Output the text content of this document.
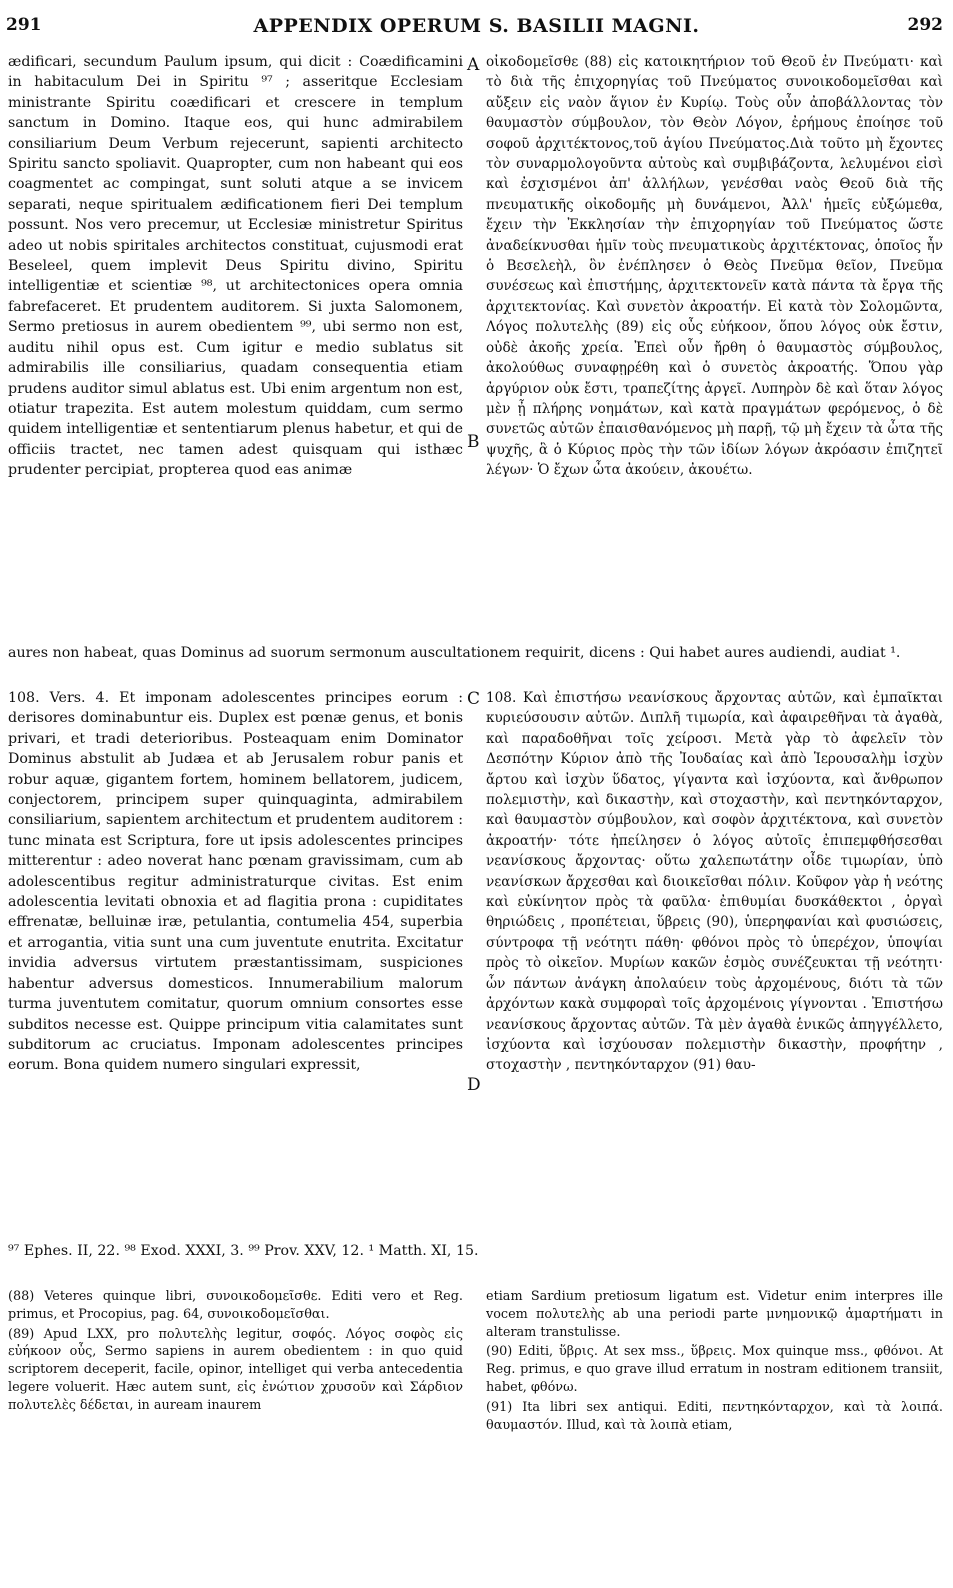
291	APPENDIX OPERUM S. BASILII MAGNI.	292

ædificari, secundum Paulum ipsum, qui dicit : Coædificamini in habitaculum Dei in Spiritu ⁹⁷ ; asseritque Ecclesiam ministrante Spiritu coædificari et crescere in templum sanctum in Domino. Itaque eos, qui hunc admirabilem consiliarium Deum Verbum rejecerunt, sapienti architecto Spiritu sancto spoliavit. Quapropter, cum non habeant qui eos coagmentet ac compingat, sunt soluti atque a se invicem separati, neque spiritualem ædificationem fieri Dei templum possunt. Nos vero precemur, ut Ecclesiæ ministretur Spiritus adeo ut nobis spiritales architectos constituat, cujusmodi erat Beseleel, quem implevit Deus Spiritu divino, Spiritu intelligentiæ et scientiæ ⁹⁸, ut architectonices opera omnia fabrefaceret. Et prudentem auditorem. Si juxta Salomonem, Sermo pretiosus in aurem obedientem ⁹⁹, ubi sermo non est, auditu nihil opus est. Cum igitur e medio sublatus sit admirabilis ille consiliarius, quadam consequentia etiam prudens auditor simul ablatus est. Ubi enim argentum non est, otiatur trapezita. Est autem molestum quiddam, cum sermo quidem intelligentiæ et sententiarum plenus habetur, et qui de officiis tractet, nec tamen adest quisquam qui isthæc prudenter percipiat, propterea quod eas animæ

οἰκοδομεῖσθε (88) εἰς κατοικητήριον τοῦ Θεοῦ ἐν Πνεύματι· καὶ τὸ διὰ τῆς ἐπιχορηγίας τοῦ Πνεύματος συνοικοδομεῖσθαι καὶ αὔξειν εἰς ναὸν ἅγιον ἐν Κυρίῳ. Τοὺς οὖν ἀποβάλλοντας τὸν θαυμαστὸν σύμβουλον, τὸν Θεὸν Λόγον, ἐρήμους ἐποίησε τοῦ σοφοῦ ἀρχιτέκτονος,τοῦ ἁγίου Πνεύματος.Διὰ τοῦτο μὴ ἔχοντες τὸν συναρμολογοῦντα αὐτοὺς καὶ συμβιβάζοντα, λελυμένοι εἰσὶ καὶ ἐσχισμένοι ἀπ' ἀλλήλων, γενέσθαι ναὸς Θεοῦ διὰ τῆς πνευματικῆς οἰκοδομῆς μὴ δυνάμενοι, Ἀλλ' ἡμεῖς εὐξώμεθα, ἔχειν τὴν Ἐκκλησίαν τὴν ἐπιχορηγίαν τοῦ Πνεύματος ὥστε ἀναδείκνυσθαι ἡμῖν τοὺς πνευματικοὺς ἀρχιτέκτονας, ὁποῖος ἦν ὁ Βεσελεὴλ, ὃν ἐνέπλησεν ὁ Θεὸς Πνεῦμα θεῖον, Πνεῦμα συνέσεως καὶ ἐπιστήμης, ἀρχιτεκτονεῖν κατὰ πάντα τὰ ἔργα τῆς ἀρχιτεκτονίας. Καὶ συνετὸν ἀκροατήν. Εἰ κατὰ τὸν Σολομῶντα, Λόγος πολυτελὴς (89) εἰς οὖς εὐήκοον, ὅπου λόγος οὐκ ἔστιν, οὐδὲ ἀκοῆς χρεία. Ἐπεὶ οὖν ἤρθη ὁ θαυμαστὸς σύμβουλος, ἀκολούθως συναφῃρέθη καὶ ὁ συνετὸς ἀκροατής. Ὅπου γὰρ ἀργύριον οὐκ ἔστι, τραπεζίτης ἀργεῖ. Λυπηρὸν δὲ καὶ ὅταν λόγος μὲν ᾖ πλήρης νοημάτων, καὶ κατὰ πραγμάτων φερόμενος, ὁ δὲ συνετῶς αὐτῶν ἐπαισθανόμενος μὴ παρῇ, τῷ μὴ ἔχειν τὰ ὦτα τῆς ψυχῆς, ἃ ὁ Κύριος πρὸς τὴν τῶν ἰδίων λόγων ἀκρόασιν ἐπιζητεῖ λέγων· Ὁ ἔχων ὦτα ἀκούειν, ἀκουέτω.

A
B
C
D
aures non habeat, quas Dominus ad suorum sermonum auscultationem requirit, dicens : Qui habet aures audiendi, audiat ¹.

108. Vers. 4. Et imponam adolescentes principes eorum : derisores dominabuntur eis. Duplex est pœnæ genus, et bonis privari, et tradi deterioribus. Posteaquam enim Dominator Dominus abstulit ab Judæa et ab Jerusalem robur panis et robur aquæ, gigantem fortem, hominem bellatorem, judicem, conjectorem, principem super quinquaginta, admirabilem consiliarium, sapientem architectum et prudentem auditorem : tunc minata est Scriptura, fore ut ipsis adolescentes principes mitterentur : adeo noverat hanc pœnam gravissimam, cum ab adolescentibus regitur administraturque civitas. Est enim adolescentia levitati obnoxia et ad flagitia prona : cupiditates effrenatæ, belluinæ iræ, petulantia, contumelia 454, superbia et arrogantia, vitia sunt una cum juventute enutrita. Excitatur invidia adversus virtutem præstantissimam, suspiciones habentur adversus domesticos. Innumerabilium malorum turma juventutem comitatur, quorum omnium consortes esse subditos necesse est. Quippe principum vitia calamitates sunt subditorum ac cruciatus. Imponam adolescentes principes eorum. Bona quidem numero singulari expressit,

108. Καὶ ἐπιστήσω νεανίσκους ἄρχοντας αὐτῶν, καὶ ἐμπαῖκται κυριεύσουσιν αὐτῶν. Διπλῆ τιμωρία, καὶ ἀφαιρεθῆναι τὰ ἀγαθὰ, καὶ παραδοθῆναι τοῖς χείροσι. Μετὰ γὰρ τὸ ἀφελεῖν τὸν Δεσπότην Κύριον ἀπὸ τῆς Ἰουδαίας καὶ ἀπὸ Ἱερουσαλὴμ ἰσχὺν ἄρτου καὶ ἰσχὺν ὕδατος, γίγαντα καὶ ἰσχύοντα, καὶ ἄνθρωπον πολεμιστὴν, καὶ δικαστὴν, καὶ στοχαστὴν, καὶ πεντηκόνταρχον, καὶ θαυμαστὸν σύμβουλον, καὶ σοφὸν ἀρχιτέκτονα, καὶ συνετὸν ἀκροατήν· τότε ἠπείλησεν ὁ λόγος αὐτοῖς ἐπιπεμφθήσεσθαι νεανίσκους ἄρχοντας· οὕτω χαλεπωτάτην οἶδε τιμωρίαν, ὑπὸ νεανίσκων ἄρχεσθαι καὶ διοικεῖσθαι πόλιν. Κοῦφον γὰρ ἡ νεότης καὶ εὐκίνητον πρὸς τὰ φαῦλα· ἐπιθυμίαι δυσκάθεκτοι , ὀργαὶ θηριώδεις , προπέτειαι, ὕβρεις (90), ὑπερηφανίαι καὶ φυσιώσεις, σύντροφα τῇ νεότητι πάθη· φθόνοι πρὸς τὸ ὑπερέχον, ὑποψίαι πρὸς τὸ οἰκεῖον. Μυρίων κακῶν ἐσμὸς συνέζευκται τῇ νεότητι· ὧν πάντων ἀνάγκη ἀπολαύειν τοὺς ἀρχομένους, διότι τὰ τῶν ἀρχόντων κακὰ συμφοραὶ τοῖς ἀρχομένοις γίγνονται . Ἐπιστήσω νεανίσκους ἄρχοντας αὐτῶν. Τὰ μὲν ἀγαθὰ ἑνικῶς ἀπηγγέλλετο, ἰσχύοντα καὶ ἰσχύουσαν πολεμιστὴν δικαστὴν, προφήτην , στοχαστὴν , πεντηκόνταρχον (91) θαυ-

⁹⁷ Ephes. II, 22. ⁹⁸ Exod. XXXI, 3. ⁹⁹ Prov. XXV, 12. ¹ Matth. XI, 15.

(88) Veteres quinque libri, συνοικοδομεῖσθε. Editi vero et Reg. primus, et Procopius, pag. 64, συνοικοδομεῖσθαι.

(89) Apud LXX, pro πολυτελὴς legitur, σοφός. Λόγος σοφὸς εἰς εὐήκοον οὖς, Sermo sapiens in aurem obedientem : in quo quid scriptorem deceperit, facile, opinor, intelliget qui verba antecedentia legere voluerit. Hæc autem sunt, εἰς ἐνώτιον χρυσοῦν καὶ Σάρδιον πολυτελὲς δέδεται, in auream inaurem

etiam Sardium pretiosum ligatum est. Videtur enim interpres ille vocem πολυτελὴς ab una periodi parte μνημονικῷ ἁμαρτήματι in alteram transtulisse.

(90) Editi, ὕβρις. At sex mss., ὕβρεις. Mox quinque mss., φθόνοι. At Reg. primus, e quo grave illud erratum in nostram editionem transiit, habet, φθόνω.

(91) Ita libri sex antiqui. Editi, πεντηκόνταρχον, καὶ τὰ λοιπά. θαυμαστόν. Illud, καὶ τὰ λοιπὰ etiam,
